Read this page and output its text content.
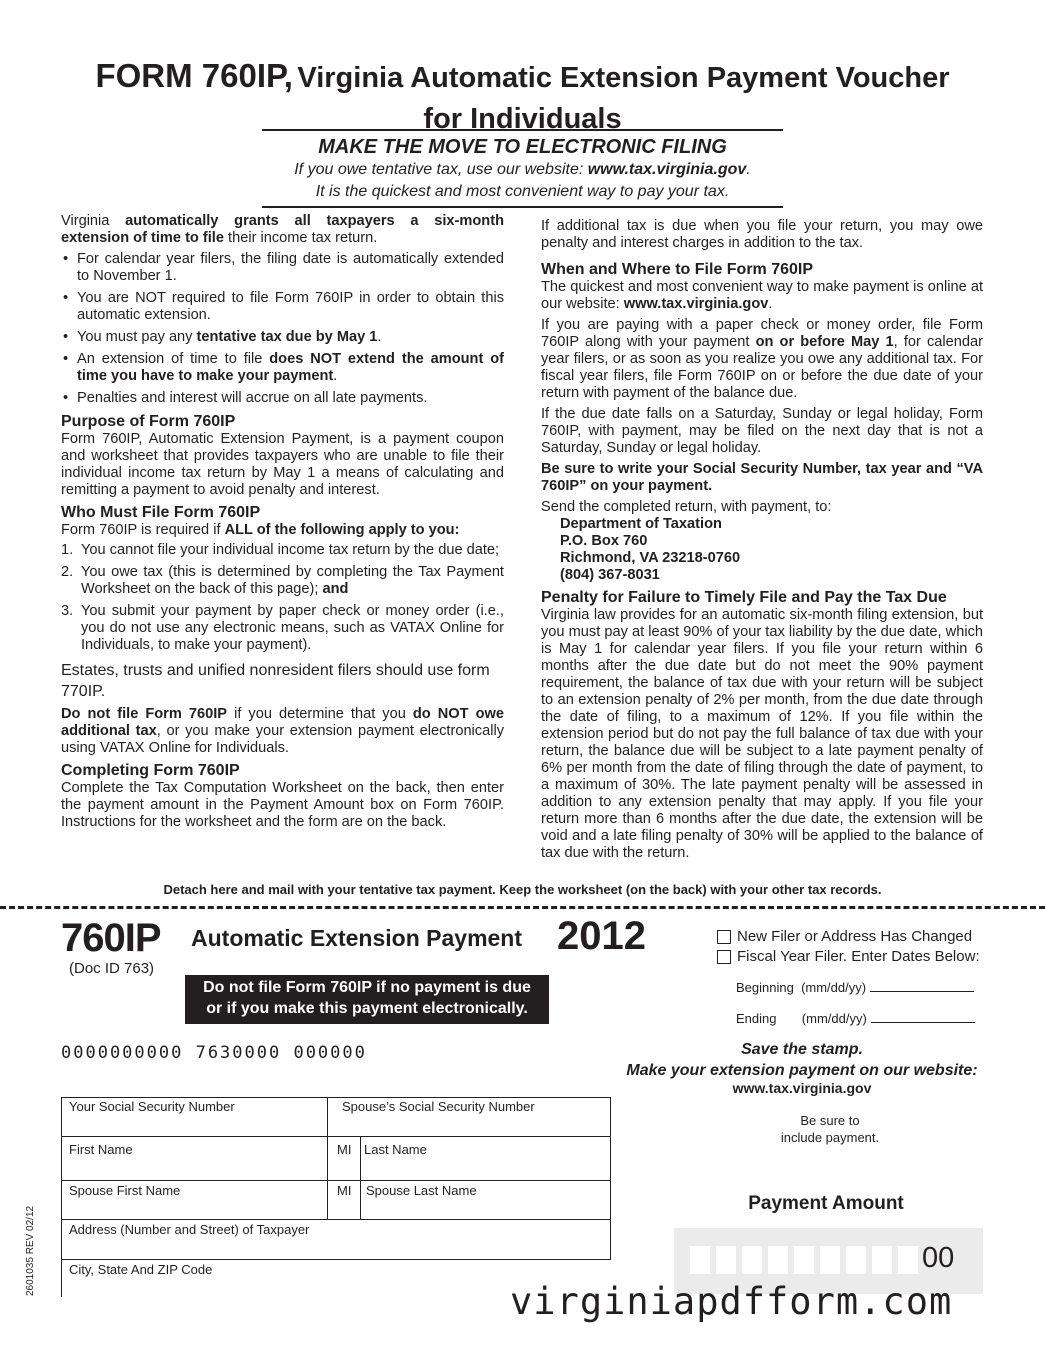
FORM 760IP, Virginia Automatic Extension Payment Voucher
for Individuals
MAKE THE MOVE TO ELECTRONIC FILING
If you owe tentative tax, use our website: www.tax.virginia.gov.
It is the quickest and most convenient way to pay your tax.

Virginia automatically grants all taxpayers a six-month extension of time to file their income tax return.

• For calendar year filers, the filing date is automatically extended to November 1.
• You are NOT required to file Form 760IP in order to obtain this automatic extension.
• You must pay any tentative tax due by May 1.
• An extension of time to file does NOT extend the amount of time you have to make your payment.
• Penalties and interest will accrue on all late payments.
Purpose of Form 760IP

Form 760IP, Automatic Extension Payment, is a payment coupon and worksheet that provides taxpayers who are unable to file their individual income tax return by May 1 a means of calculating and remitting a payment to avoid penalty and interest.

Who Must File Form 760IP

Form 760IP is required if ALL of the following apply to you:

1. You cannot file your individual income tax return by the due date;
2. You owe tax (this is determined by completing the Tax Payment Worksheet on the back of this page); and
3. You submit your payment by paper check or money order (i.e., you do not use any electronic means, such as VATAX Online for Individuals, to make your payment).

Estates, trusts and unified nonresident filers should use form 770IP.

Do not file Form 760IP if you determine that you do NOT owe additional tax, or you make your extension payment electronically using VATAX Online for Individuals.

Completing Form 760IP

Complete the Tax Computation Worksheet on the back, then enter the payment amount in the Payment Amount box on Form 760IP. Instructions for the worksheet and the form are on the back.

If additional tax is due when you file your return, you may owe penalty and interest charges in addition to the tax.

When and Where to File Form 760IP

The quickest and most convenient way to make payment is online at our website: www.tax.virginia.gov.

If you are paying with a paper check or money order, file Form 760IP along with your payment on or before May 1, for calendar year filers, or as soon as you realize you owe any additional tax. For fiscal year filers, file Form 760IP on or before the due date of your return with payment of the balance due.

If the due date falls on a Saturday, Sunday or legal holiday, Form 760IP, with payment, may be filed on the next day that is not a Saturday, Sunday or legal holiday.

Be sure to write your Social Security Number, tax year and “VA 760IP” on your payment.

Send the completed return, with payment, to:

Department of Taxation
P.O. Box 760
Richmond, VA 23218-0760
(804) 367-8031
Penalty for Failure to Timely File and Pay the Tax Due

Virginia law provides for an automatic six-month filing extension, but you must pay at least 90% of your tax liability by the due date, which is May 1 for calendar year filers. If you file your return within 6 months after the due date but do not meet the 90% payment requirement, the balance of tax due with your return will be subject to an extension penalty of 2% per month, from the due date through the date of filing, to a maximum of 12%. If you file within the extension period but do not pay the full balance of tax due with your return, the balance due will be subject to a late payment penalty of 6% per month from the date of filing through the date of payment, to a maximum of 30%. The late payment penalty will be assessed in addition to any extension penalty that may apply. If you file your return more than 6 months after the due date, the extension will be void and a late filing penalty of 30% will be applied to the balance of tax due with the return.

Detach here and mail with your tentative tax payment. Keep the worksheet (on the back) with your other tax records.
760IP
(Doc ID 763)
Automatic Extension Payment 2012
Do not file Form 760IP if no payment is due
or if you make this payment electronically.
0000000000 7630000 000000
New Filer or Address Has Changed
Fiscal Year Filer. Enter Dates Below:
Beginning
(mm/dd/yy)
Ending
(mm/dd/yy)
Save the stamp.
Make your extension payment on our website:
www.tax.virginia.gov
Be sure to
include payment.
Your Social Security Number	Spouse’s Social Security Number
First Name	MI Last Name
Spouse First Name	MI Spouse Last Name
Address (Number and Street) of Taxpayer
City, State And ZIP Code
Payment Amount
00
2601035 REV 02/12
virginiapdfform.com
